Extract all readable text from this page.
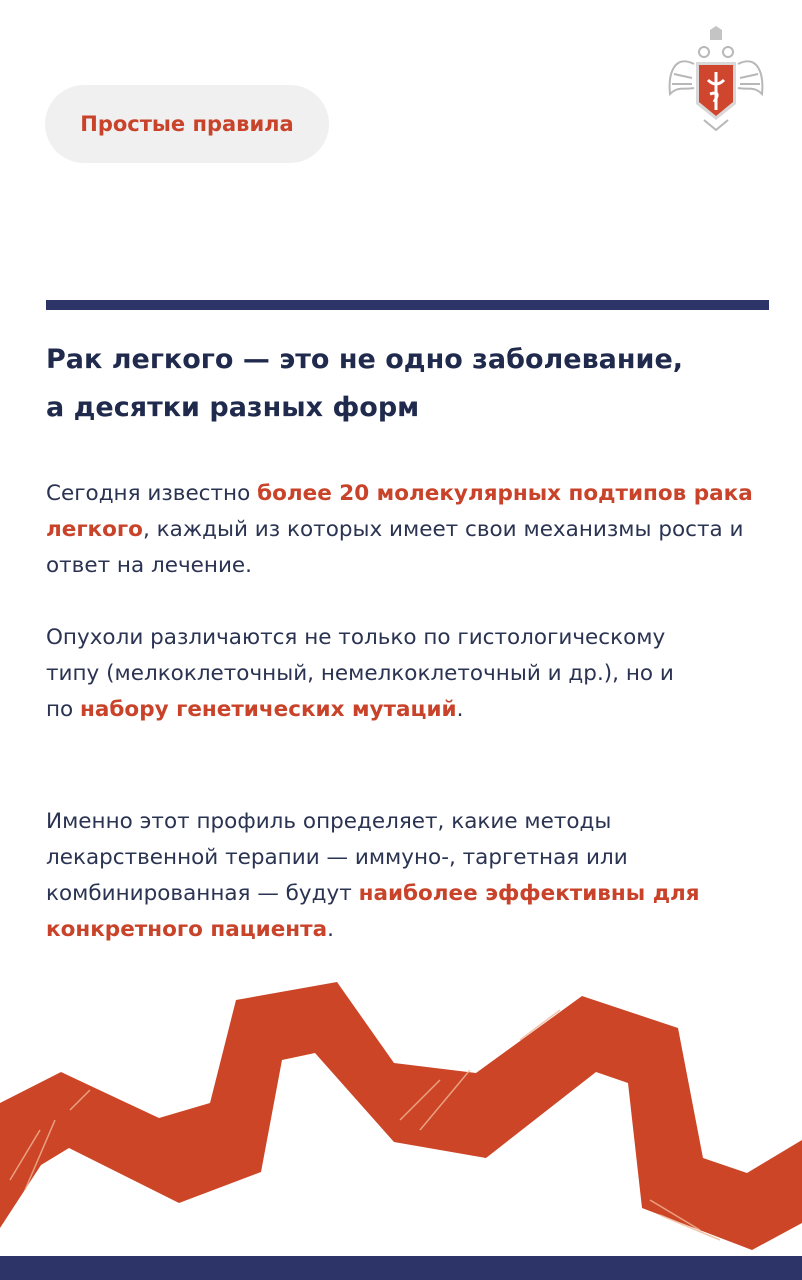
Простые правила
Рак легкого — это не одно заболевание,
а десятки разных форм

Сегодня известно более 20 молекулярных подтипов рака легкого, каждый из которых имеет свои механизмы роста и ответ на лечение.

Опухоли различаются не только по гистологическому типу (мелкоклеточный, немелкоклеточный и др.), но и по набору генетических мутаций.

Именно этот профиль определяет, какие методы лекарственной терапии — иммуно-, таргетная или комбинированная — будут наиболее эффективны для конкретного пациента.
